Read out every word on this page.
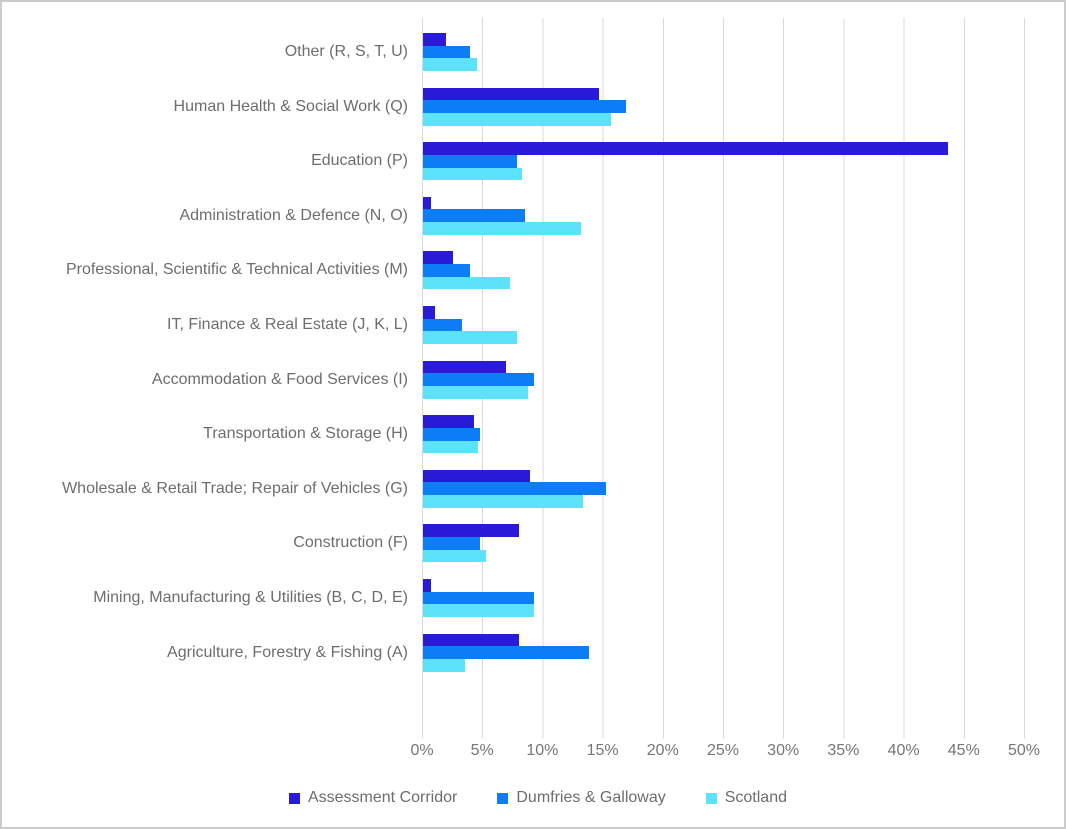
Other (R, S, T, U)
Human Health & Social Work (Q)
Education (P)
Administration & Defence (N, O)
Professional, Scientific & Technical Activities (M)
IT, Finance & Real Estate (J, K, L)
Accommodation & Food Services (I)
Transportation & Storage (H)
Wholesale & Retail Trade; Repair of Vehicles (G)
Construction (F)
Mining, Manufacturing & Utilities (B, C, D, E)
Agriculture, Forestry & Fishing (A)
0%	5%	10%	15%	20%	25%	30%	35%	40%	45%	50%
Assessment Corridor	Dumfries & Galloway	Scotland
